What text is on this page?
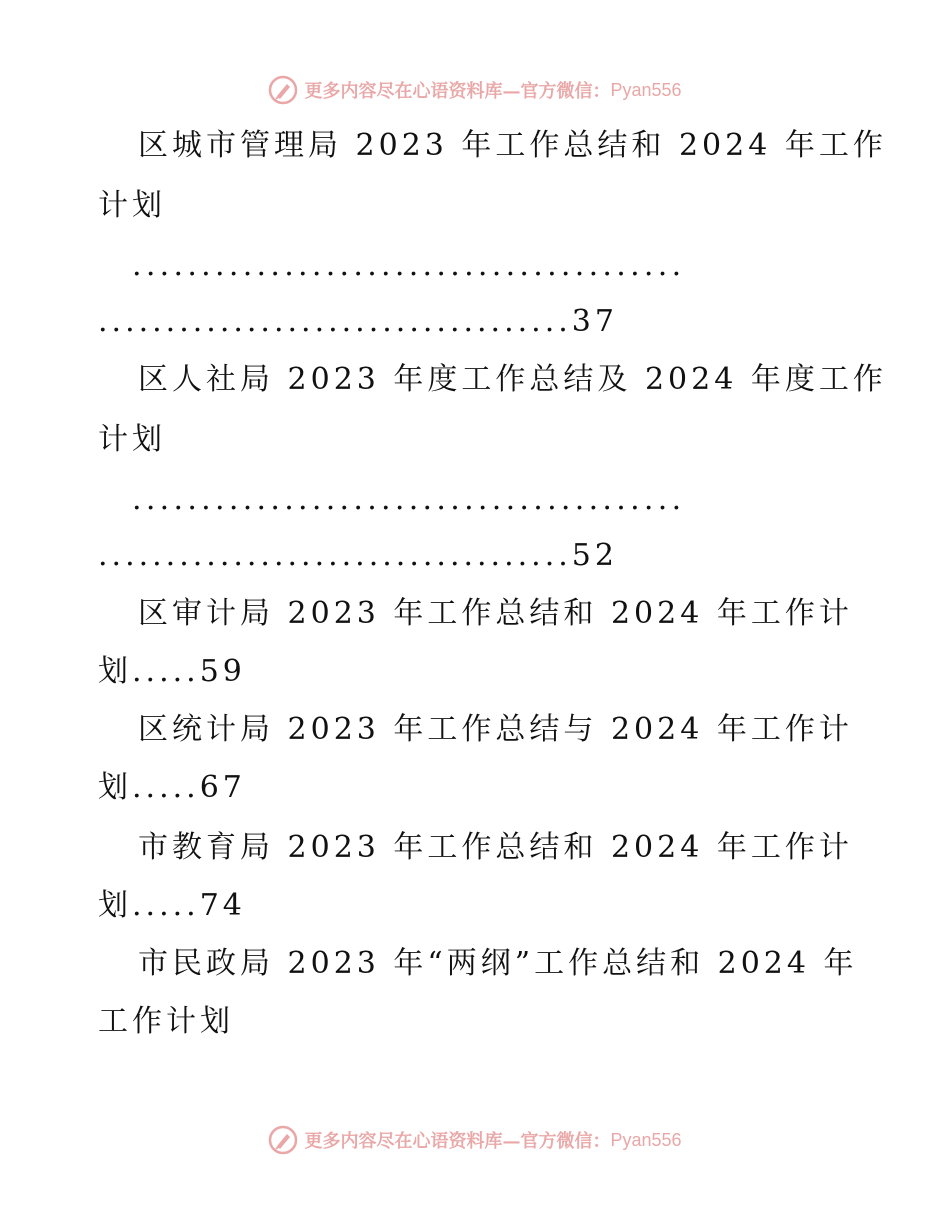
更多内容尽在心语资料库—官方微信： Pyan556
区城市管理局 2023 年工作总结和 2024 年工作
计划
........................................
...................................37
区人社局 2023 年度工作总结及 2024 年度工作
计划
........................................
...................................52
区审计局 2023 年工作总结和 2024 年工作计
划.....59
区统计局 2023 年工作总结与 2024 年工作计
划.....67
市教育局 2023 年工作总结和 2024 年工作计
划.....74
市民政局 2023 年“两纲”工作总结和 2024 年
工作计划
更多内容尽在心语资料库—官方微信： Pyan556
